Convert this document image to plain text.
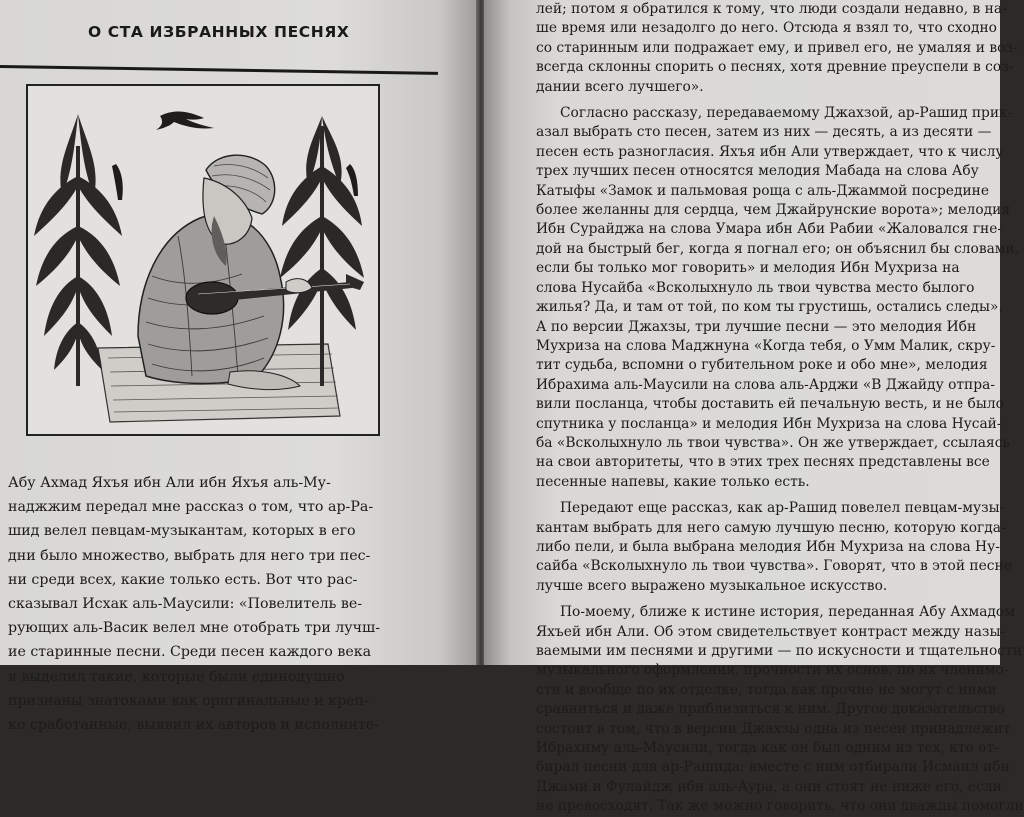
О СТА ИЗБРАННЫХ ПЕСНЯХ
Абу Ахмад Яхъя ибн Али ибн Яхъя аль-Му-
наджжим передал мне рассказ о том, что ар-Ра-
шид велел певцам-музыкантам, которых в его
дни было множество, выбрать для него три пес-
ни среди всех, какие только есть. Вот что рас-
сказывал Исхак аль-Маусили: «Повелитель ве-
рующих аль-Васик велел мне отобрать три лучш-
ие старинные песни. Среди песен каждого века
я выделил такие, которые были единодушно
признаны знатоками как оригинальные и креп-
ко сработанные, выявил их авторов и исполните-
лей; потом я обратился к тому, что люди создали недавно, в на-
ше время или незадолго до него. Отсюда я взял то, что сходно
со старинным или подражает ему, и привел его, не умаляя и воз-
всегда склонны спорить о песнях, хотя древние преуспели в соз-
дании всего лучшего».
Согласно рассказу, передаваемому Джахзой, ар-Рашид прик-
азал выбрать сто песен, затем из них — десять, а из десяти —
песен есть разногласия. Яхъя ибн Али утверждает, что к числу
трех лучших песен относятся мелодия Мабада на слова Абу
Катыфы «Замок и пальмовая роща с аль-Джаммой посредине
более желанны для сердца, чем Джайрунские ворота»; мелодия
Ибн Сурайджа на слова Умара ибн Аби Рабии «Жаловался гне-
дой на быстрый бег, когда я погнал его; он объяснил бы словами,
если бы только мог говорить» и мелодия Ибн Мухриза на
слова Нусайба «Всколыхнуло ль твои чувства место былого
жилья? Да, и там от той, по ком ты грустишь, остались следы».
А по версии Джахзы, три лучшие песни — это мелодия Ибн
Мухриза на слова Маджнуна «Когда тебя, о Умм Малик, скру-
тит судьба, вспомни о губительном роке и обо мне», мелодия
Ибрахима аль-Маусили на слова аль-Арджи «В Джайду отпра-
вили посланца, чтобы доставить ей печальную весть, и не было
спутника у посланца» и мелодия Ибн Мухриза на слова Нусай-
ба «Всколыхнуло ль твои чувства». Он же утверждает, ссылаясь
на свои авторитеты, что в этих трех песнях представлены все
песенные напевы, какие только есть.
Передают еще рассказ, как ар-Рашид повелел певцам-музы-
кантам выбрать для него самую лучшую песню, которую когда-
либо пели, и была выбрана мелодия Ибн Мухриза на слова Ну-
сайба «Всколыхнуло ль твои чувства». Говорят, что в этой песне
лучше всего выражено музыкальное искусство.
По-моему, ближе к истине история, переданная Абу Ахмадом
Яхъей ибн Али. Об этом свидетельствует контраст между назы-
ваемыми им песнями и другими — по искусности и тщательности
музыкального оформления, прочности их основ, по их членимо-
сти и вообще по их отделке, тогда как прочие не могут с ними
сравниться и даже приблизиться к ним. Другое доказательство
состоит в том, что в версии Джахзы одна из песен принадлежит
Ибрахиму аль-Маусили, тогда как он был одним из тех, кто от-
бирал песни для ар-Рашида; вместе с ним отбирали Исмаил ибн
Джами и Фулайдж ибн аль-Аура, а они стоят не ниже его, если
не превосходят. Так же можно говорить, что они дважды помогли
